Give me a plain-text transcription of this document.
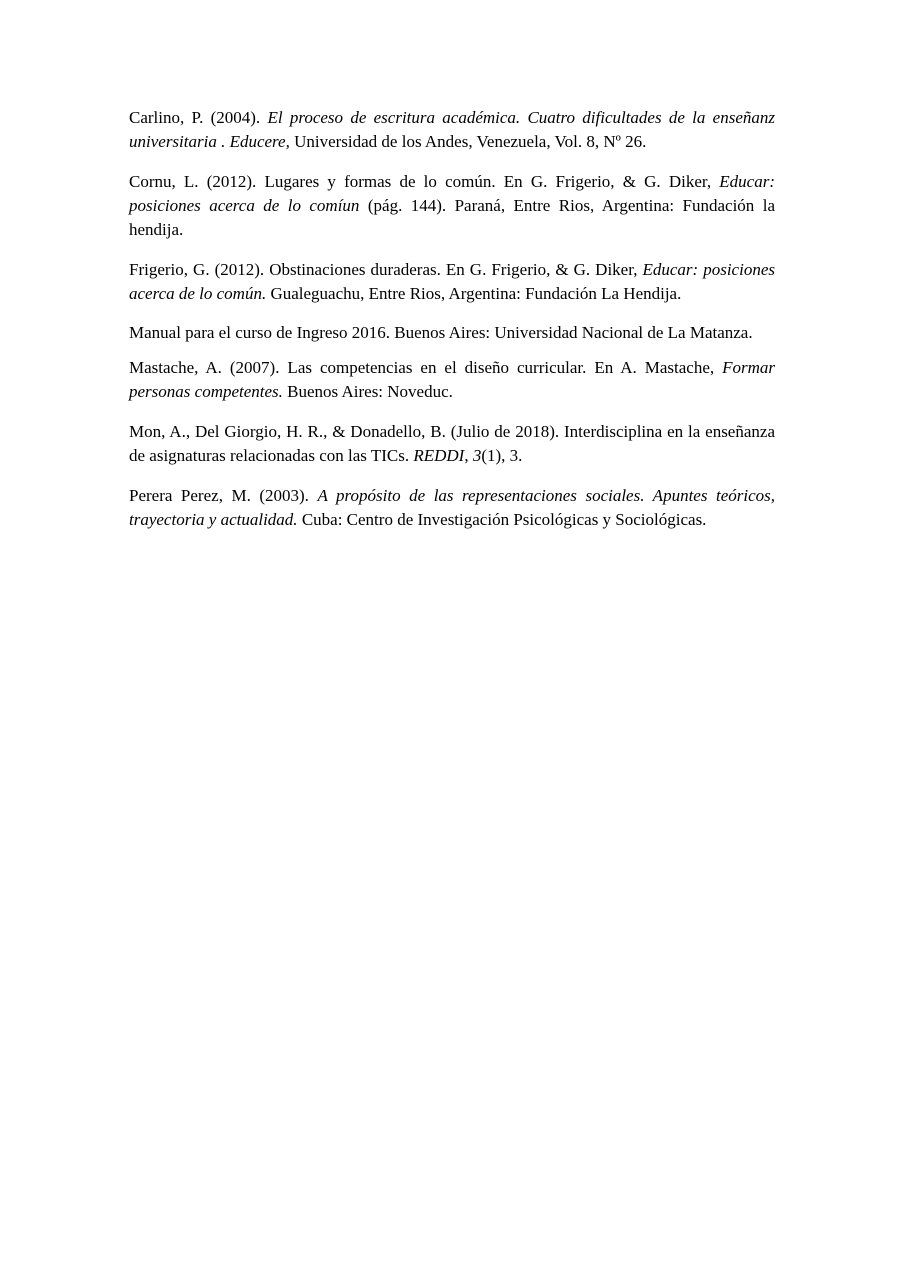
Carlino, P. (2004). El proceso de escritura académica. Cuatro dificultades de la enseñanz universitaria . Educere, Universidad de los Andes, Venezuela, Vol. 8, Nº 26.

Cornu, L. (2012). Lugares y formas de lo común. En G. Frigerio, & G. Diker, Educar: posiciones acerca de lo comíun (pág. 144). Paraná, Entre Rios, Argentina: Fundación la hendija.

Frigerio, G. (2012). Obstinaciones duraderas. En G. Frigerio, & G. Diker, Educar: posiciones acerca de lo común. Gualeguachu, Entre Rios, Argentina: Fundación La Hendija.

Manual para el curso de Ingreso 2016. Buenos Aires: Universidad Nacional de La Matanza.

Mastache, A. (2007). Las competencias en el diseño curricular. En A. Mastache, Formar personas competentes. Buenos Aires: Noveduc.

Mon, A., Del Giorgio, H. R., & Donadello, B. (Julio de 2018). Interdisciplina en la enseñanza de asignaturas relacionadas con las TICs. REDDI, 3(1), 3.

Perera Perez, M. (2003). A propósito de las representaciones sociales. Apuntes teóricos, trayectoria y actualidad. Cuba: Centro de Investigación Psicológicas y Sociológicas.
